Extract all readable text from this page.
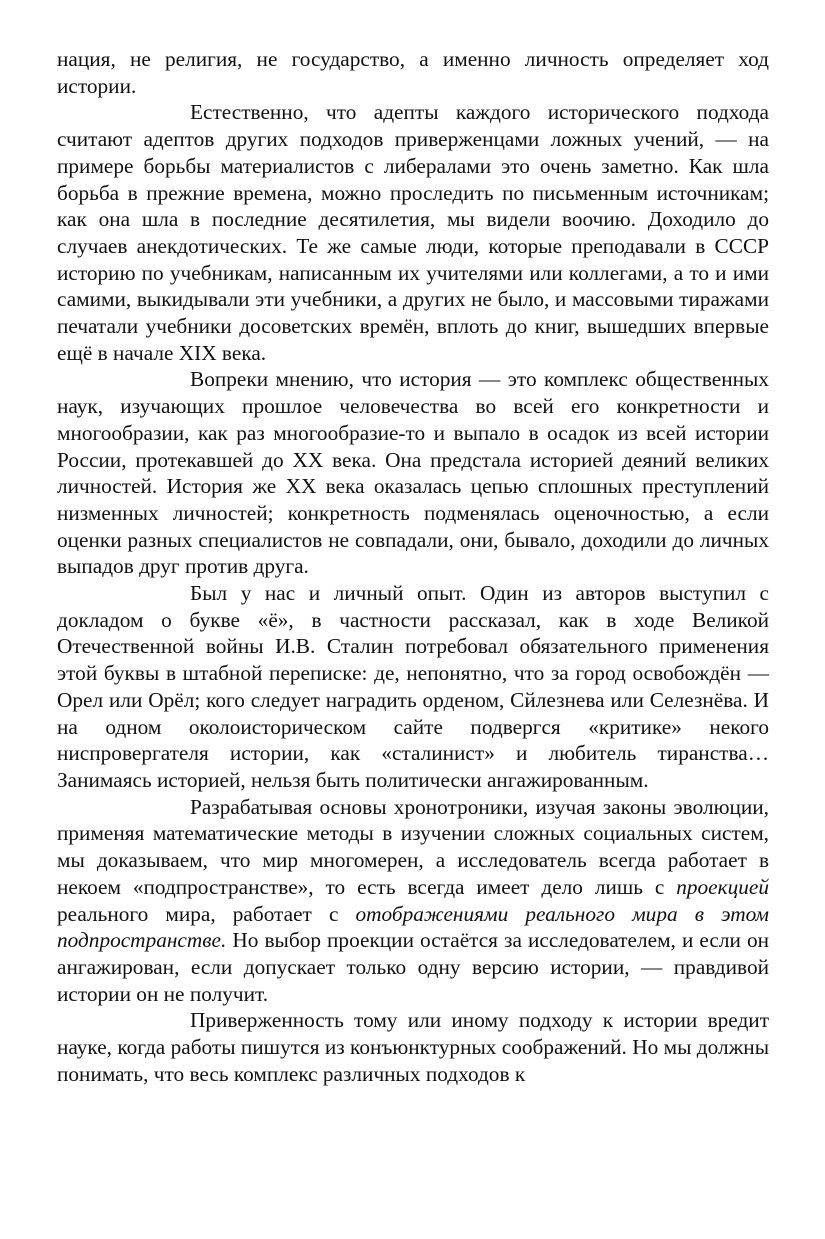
нация, не религия, не государство, а именно личность определяет ход истории.

Естественно, что адепты каждого исторического подхода считают адептов других подходов приверженцами ложных учений, — на примере борьбы материалистов с либералами это очень заметно. Как шла борьба в прежние времена, можно проследить по письменным источникам; как она шла в последние десятилетия, мы видели воочию. Доходило до случаев анекдотических. Те же самые люди, которые преподавали в СССР историю по учебникам, написанным их учителями или коллегами, а то и ими самими, выкидывали эти учебники, а других не было, и массовыми тиражами печатали учебники досоветских времён, вплоть до книг, вышедших впервые ещё в начале XIX века.

Вопреки мнению, что история — это комплекс общественных наук, изучающих прошлое человечества во всей его конкретности и многообразии, как раз многообразие-то и выпало в осадок из всей истории России, протекавшей до XX века. Она предстала историей деяний великих личностей. История же XX века оказалась цепью сплошных преступлений низменных личностей; конкретность подменялась оценочностью, а если оценки разных специалистов не совпадали, они, бывало, доходили до личных выпадов друг против друга.

Был у нас и личный опыт. Один из авторов выступил с докладом о букве «ё», в частности рассказал, как в ходе Великой Отечественной войны И.В. Сталин потребовал обязательного применения этой буквы в штабной переписке: де, непонятно, что за город освобождён — Орел или Орёл; кого следует наградить орденом, Сйлезнева или Селезнёва. И на одном околоисторическом сайте подвергся «критике» некого ниспровергателя истории, как «сталинист» и любитель тиранства… Занимаясь историей, нельзя быть политически ангажированным.

Разрабатывая основы хронотроники, изучая законы эволюции, применяя математические методы в изучении сложных социальных систем, мы доказываем, что мир многомерен, а исследователь всегда работает в некоем «подпространстве», то есть всегда имеет дело лишь с проекцией реального мира, работает с отображениями реального мира в этом подпространстве. Но выбор проекции остаётся за исследователем, и если он ангажирован, если допускает только одну версию истории, — правдивой истории он не получит.

Приверженность тому или иному подходу к истории вредит науке, когда работы пишутся из конъюнктурных соображений. Но мы должны понимать, что весь комплекс различных подходов к
